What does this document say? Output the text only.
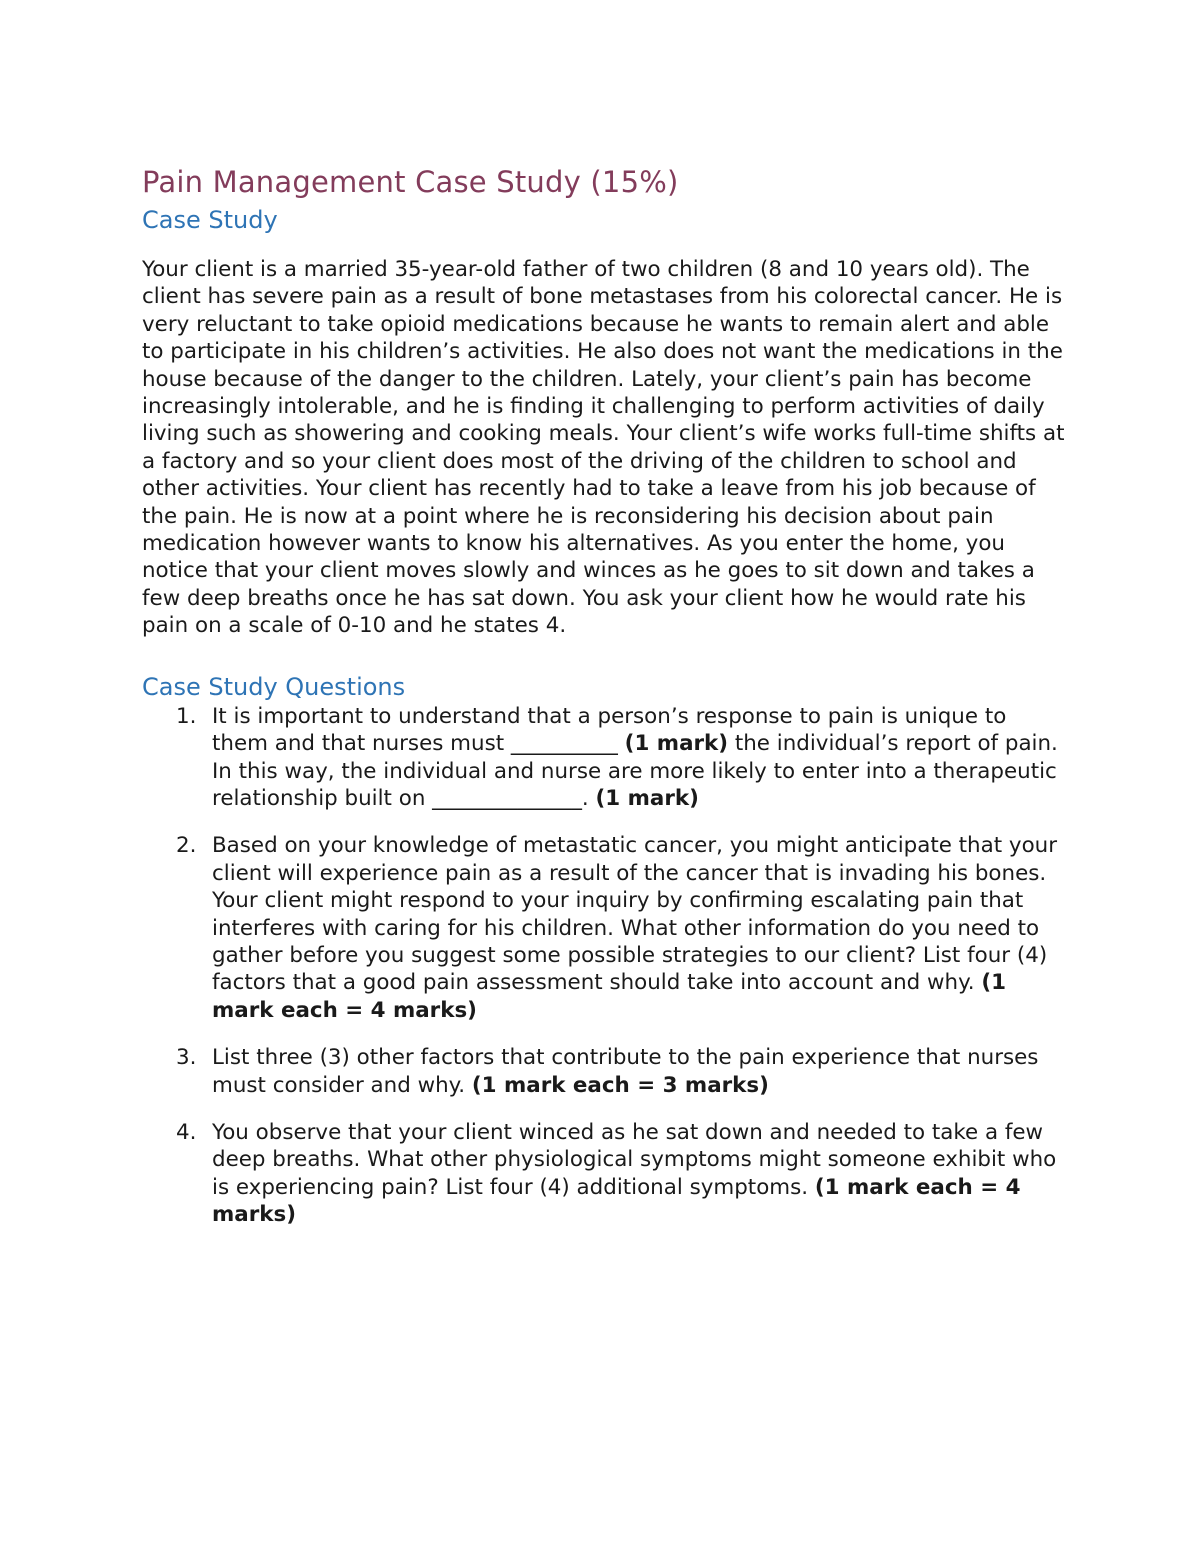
Pain Management Case Study (15%)
Case Study

Your client is a married 35-year-old father of two children (8 and 10 years old). The client has severe pain as a result of bone metastases from his colorectal cancer. He is very reluctant to take opioid medications because he wants to remain alert and able to participate in his children’s activities. He also does not want the medications in the house because of the danger to the children. Lately, your client’s pain has become increasingly intolerable, and he is finding it challenging to perform activities of daily living such as showering and cooking meals. Your client’s wife works full-time shifts at a factory and so your client does most of the driving of the children to school and other activities. Your client has recently had to take a leave from his job because of the pain. He is now at a point where he is reconsidering his decision about pain medication however wants to know his alternatives. As you enter the home, you notice that your client moves slowly and winces as he goes to sit down and takes a few deep breaths once he has sat down. You ask your client how he would rate his pain on a scale of 0-10 and he states 4.

Case Study Questions
1. It is important to understand that a person’s response to pain is unique to them and that nurses must __________ (1 mark) the individual’s report of pain. In this way, the individual and nurse are more likely to enter into a therapeutic relationship built on ______________. (1 mark)
2. Based on your knowledge of metastatic cancer, you might anticipate that your client will experience pain as a result of the cancer that is invading his bones. Your client might respond to your inquiry by confirming escalating pain that interferes with caring for his children. What other information do you need to gather before you suggest some possible strategies to our client? List four (4) factors that a good pain assessment should take into account and why. (1 mark each = 4 marks)
3. List three (3) other factors that contribute to the pain experience that nurses must consider and why. (1 mark each = 3 marks)
4. You observe that your client winced as he sat down and needed to take a few deep breaths. What other physiological symptoms might someone exhibit who is experiencing pain? List four (4) additional symptoms. (1 mark each = 4 marks)
